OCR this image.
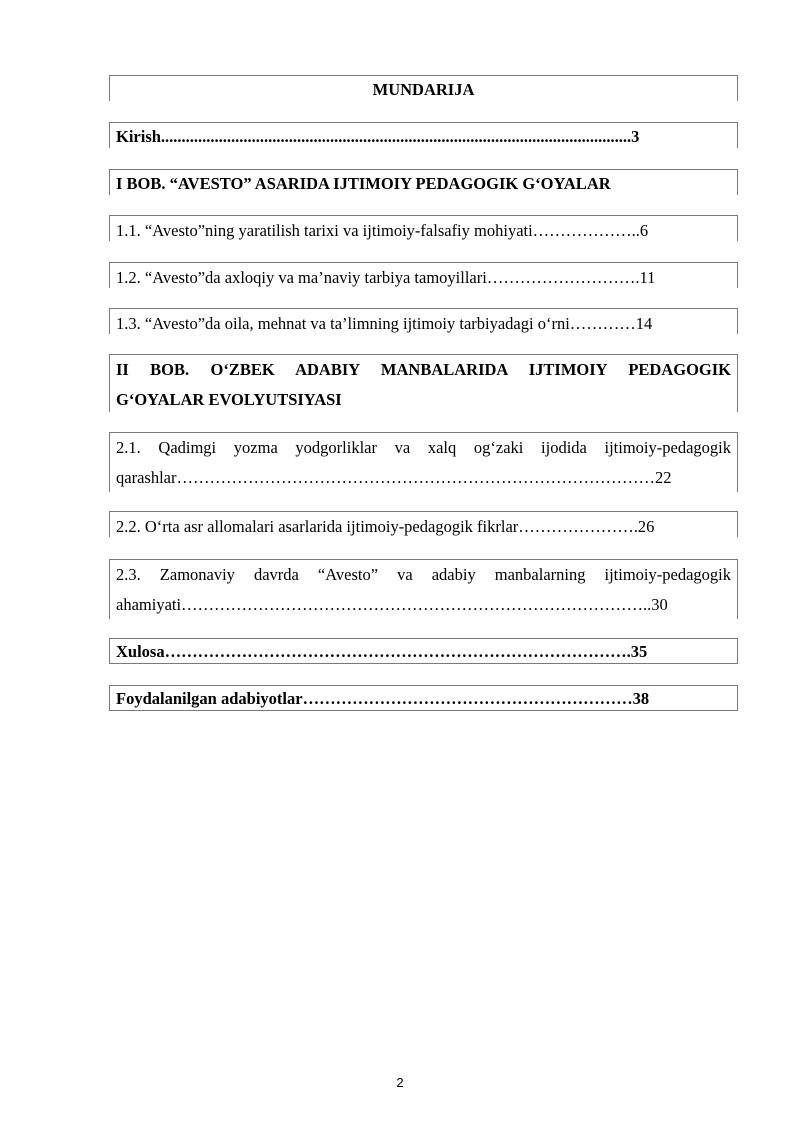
MUNDARIJA
Kirish..................................................................................................................3
I BOB. “AVESTO” ASARIDA IJTIMOIY PEDAGOGIK G‘OYALAR
1.1. “Avesto”ning yaratilish tarixi va ijtimoiy-falsafiy mohiyati………………..6
1.2. “Avesto”da axloqiy va ma’naviy tarbiya tamoyillari……………………….11
1.3. “Avesto”da oila, mehnat va ta’limning ijtimoiy tarbiyadagi o‘rni…………14
II BOB. O‘ZBEK ADABIY MANBALARIDA IJTIMOIY PEDAGOGIK
G‘OYALAR EVOLYUTSIYASI
2.1. Qadimgi yozma yodgorliklar va xalq og‘zaki ijodida ijtimoiy-pedagogik
qarashlar……………………………………………………………………………22
2.2. O‘rta asr allomalari asarlarida ijtimoiy-pedagogik fikrlar………………….26
2.3. Zamonaviy davrda “Avesto” va adabiy manbalarning ijtimoiy-pedagogik
ahamiyati…………………………………………………………………………..30
Xulosa………………………………………………………………………….35
Foydalanilgan adabiyotlar……………………………………………………38
2
